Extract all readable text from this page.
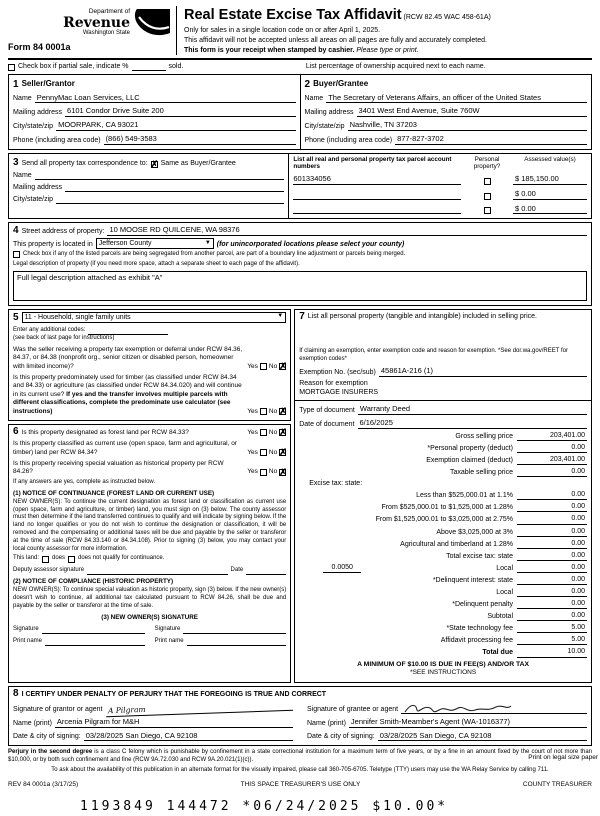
Department of
Revenue
Washington State
Form 84 0001a
Real Estate Excise Tax Affidavit (RCW 82.45 WAC 458-61A)
Only for sales in a single location code on or after April 1, 2025.
This affidavit will not be accepted unless all areas on all pages are fully and accurately completed.
This form is your receipt when stamped by cashier. Please type or print.
Check box if partial sale, indicate %	sold.	List percentage of ownership acquired next to each name.
1 Seller/Grantor
Name PennyMac Loan Services, LLC
Mailing address 6101 Condor Drive Suite 200
City/state/zip MOORPARK, CA 93021
Phone (including area code) (866) 549-3583
2 Buyer/Grantee
Name The Secretary of Veterans Affairs, an officer of the United States
Mailing address 3401 West End Avenue, Suite 760W
City/state/zip Nashville, TN 37203
Phone (including area code) 877-827-3702
3 Send all property tax correspondence to: ✗ Same as Buyer/Grantee
Name
Mailing address
City/state/zip
List all real and personal property tax parcel account numbers
Personal property?
Assessed value(s)
601334056	$ 185,150.00
$ 0.00
$ 0.00
4 Street address of property: 10 MOOSE RD QUILCENE, WA 98376
This property is located in Jefferson County	▼ (for unincorporated locations please select your county)
Check box if any of the listed parcels are being segregated from another parcel, are part of a boundary line adjustment or parcels being merged.
Legal description of property (if you need more space, attach a separate sheet to each page of the affidavit).
Full legal description attached as exhibit "A"
5 11 - Household, single family units	▼
Enter any additional codes:
(see back of last page for instructions)
Was the seller receiving a property tax exemption or deferral under RCW 84.36, 84.37, or 84.38 (nonprofit org., senior citizen or disabled person, homeowner with limited income)?	Yes No
✗
Is this property predominately used for timber (as classified under RCW 84.34 and 84.33) or agriculture (as classified under RCW 84.34.020) and will continue in its current use? If yes and the transfer involves multiple parcels with different classifications, complete the predominate use calculator (see instructions)	Yes No
✗
6 Is this property designated as forest land per RCW 84.33?	Yes No
✗
Is this property classified as current use (open space, farm and agricultural, or timber) land per RCW 84.34?	Yes No
✗
Is this property receiving special valuation as historical property per RCW 84.26?	Yes No
✗
If any answers are yes, complete as instructed below.
(1) NOTICE OF CONTINUANCE (FOREST LAND OR CURRENT USE)
NEW OWNER(S): To continue the current designation as forest land or classification as current use (open space, farm and agriculture, or timber) land, you must sign on (3) below. The county assessor must then determine if the land transferred continues to qualify and will indicate by signing below. If the land no longer qualifies or you do not wish to continue the designation or classification, it will be removed and the compensating or additional taxes will be due and payable by the seller or transferor at the time of sale (RCW 84.33.140 or 84.34.108). Prior to signing (3) below, you may contact your local county assessor for more information.
This land: does does not qualify for continuance.
Deputy assessor signature	Date
(2) NOTICE OF COMPLIANCE (HISTORIC PROPERTY)
NEW OWNER(S): To continue special valuation as historic property, sign (3) below. If the new owner(s) doesn't wish to continue, all additional tax calculated pursuant to RCW 84.26, shall be due and payable by the seller or transferor at the time of sale.
(3) NEW OWNER(S) SIGNATURE
Signature	Signature
Print name	Print name
7 List all personal property (tangible and intangible) included in selling price.
If claiming an exemption, enter exemption code and reason for exemption. *See dor.wa.gov/REET for exemption codes*
Exemption No. (sec/sub) 45861A-216 (1)
Reason for exemption
MORTGAGE INSURERS
Type of document Warranty Deed
Date of document 6/16/2025
Gross selling price	203,401.00
*Personal property (deduct)	0.00
Exemption claimed (deduct)	203,401.00
Taxable selling price	0.00
Excise tax: state:
Less than $525,000.01 at 1.1%	0.00
From $525,000.01 to $1,525,000 at 1.28%	0.00
From $1,525,000.01 to $3,025,000 at 2.75%	0.00
Above $3,025,000 at 3%	0.00
Agricultural and timberland at 1.28%	0.00
Total excise tax: state	0.00
0.0050	Local	0.00
*Delinquent interest: state	0.00
Local	0.00
*Delinquent penalty	0.00
Subtotal	0.00
*State technology fee	5.00
Affidavit processing fee	5.00
Total due	10.00
A MINIMUM OF $10.00 IS DUE IN FEE(S) AND/OR TAX
*SEE INSTRUCTIONS
8 I CERTIFY UNDER PENALTY OF PERJURY THAT THE FOREGOING IS TRUE AND CORRECT
Signature of grantor or agent A Pilgram	Signature of grantee or agent
Name (print) Arcenia Pilgram for M&H	Name (print) Jennifer Smith-Meamber's Agent (WA-1016377)
Date & city of signing: 03/28/2025 San Diego, CA 92108	Date & city of signing: 03/28/2025 San Diego, CA 92108
Perjury in the second degree is a class C felony which is punishable by confinement in a state correctional institution for a maximum term of five years, or by a fine in an amount fixed by the court of not more than $10,000, or by both such confinement and fine (RCW 9A.72.030 and RCW 9A.20.021(1)(c)).
To ask about the availability of this publication in an alternate format for the visually impaired, please call 360-705-6705. Teletype (TTY) users may use the WA Relay Service by calling 711.
REV 84 0001a (3/17/25)	THIS SPACE TREASURER'S USE ONLY	COUNTY TREASURER
1193849 144472 *06/24/2025 $10.00*
Print on legal size paper
